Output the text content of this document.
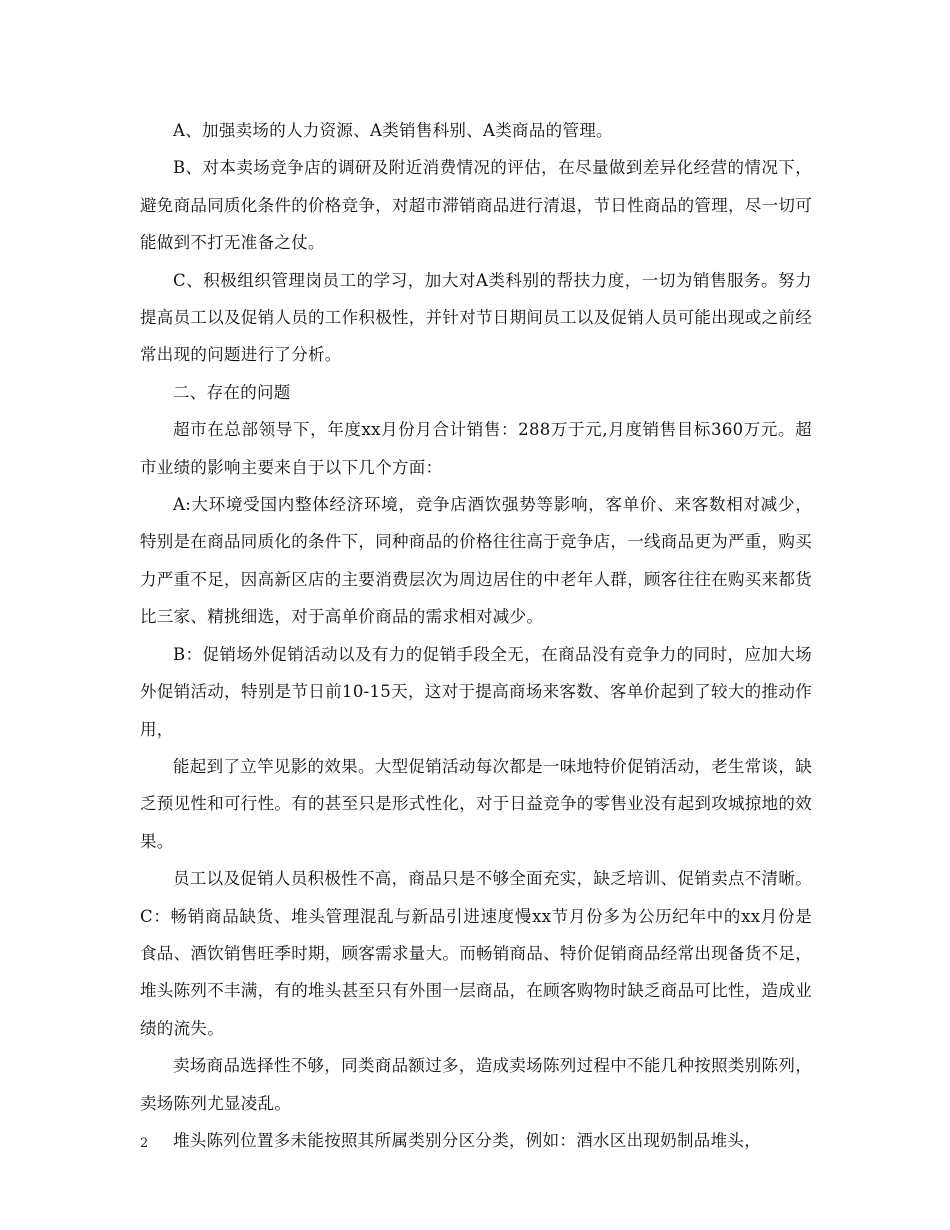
A、加强卖场的人力资源、A类销售科别、A类商品的管理。

B、对本卖场竞争店的调研及附近消费情况的评估，在尽量做到差异化经营的情况下，避免商品同质化条件的价格竞争，对超市滞销商品进行清退，节日性商品的管理，尽一切可能做到不打无准备之仗。

C、积极组织管理岗员工的学习，加大对A类科别的帮扶力度，一切为销售服务。努力提高员工以及促销人员的工作积极性，并针对节日期间员工以及促销人员可能出现或之前经常出现的问题进行了分析。

二、存在的问题

超市在总部领导下，年度xx月份月合计销售：288万于元,月度销售目标360万元。超市业绩的影响主要来自于以下几个方面：

A:大环境受国内整体经济环境，竞争店酒饮强势等影响，客单价、来客数相对减少，特别是在商品同质化的条件下，同种商品的价格往往高于竞争店，一线商品更为严重，购买力严重不足，因高新区店的主要消费层次为周边居住的中老年人群，顾客往往在购买来都货比三家、精挑细选，对于高单价商品的需求相对减少。

B：促销场外促销活动以及有力的促销手段全无，在商品没有竞争力的同时，应加大场外促销活动，特别是节日前10-15天，这对于提高商场来客数、客单价起到了较大的推动作用，

能起到了立竿见影的效果。大型促销活动每次都是一味地特价促销活动，老生常谈，缺乏预见性和可行性。有的甚至只是形式性化，对于日益竞争的零售业没有起到攻城掠地的效果。

员工以及促销人员积极性不高，商品只是不够全面充实，缺乏培训、促销卖点不清晰。C：畅销商品缺货、堆头管理混乱与新品引进速度慢xx节月份多为公历纪年中的xx月份是食品、酒饮销售旺季时期，顾客需求量大。而畅销商品、特价促销商品经常出现备货不足，堆头陈列不丰满，有的堆头甚至只有外围一层商品，在顾客购物时缺乏商品可比性，造成业绩的流失。

卖场商品选择性不够，同类商品额过多，造成卖场陈列过程中不能几种按照类别陈列，卖场陈列尤显凌乱。

堆头陈列位置多未能按照其所属类别分区分类，例如：酒水区出现奶制品堆头，

2
